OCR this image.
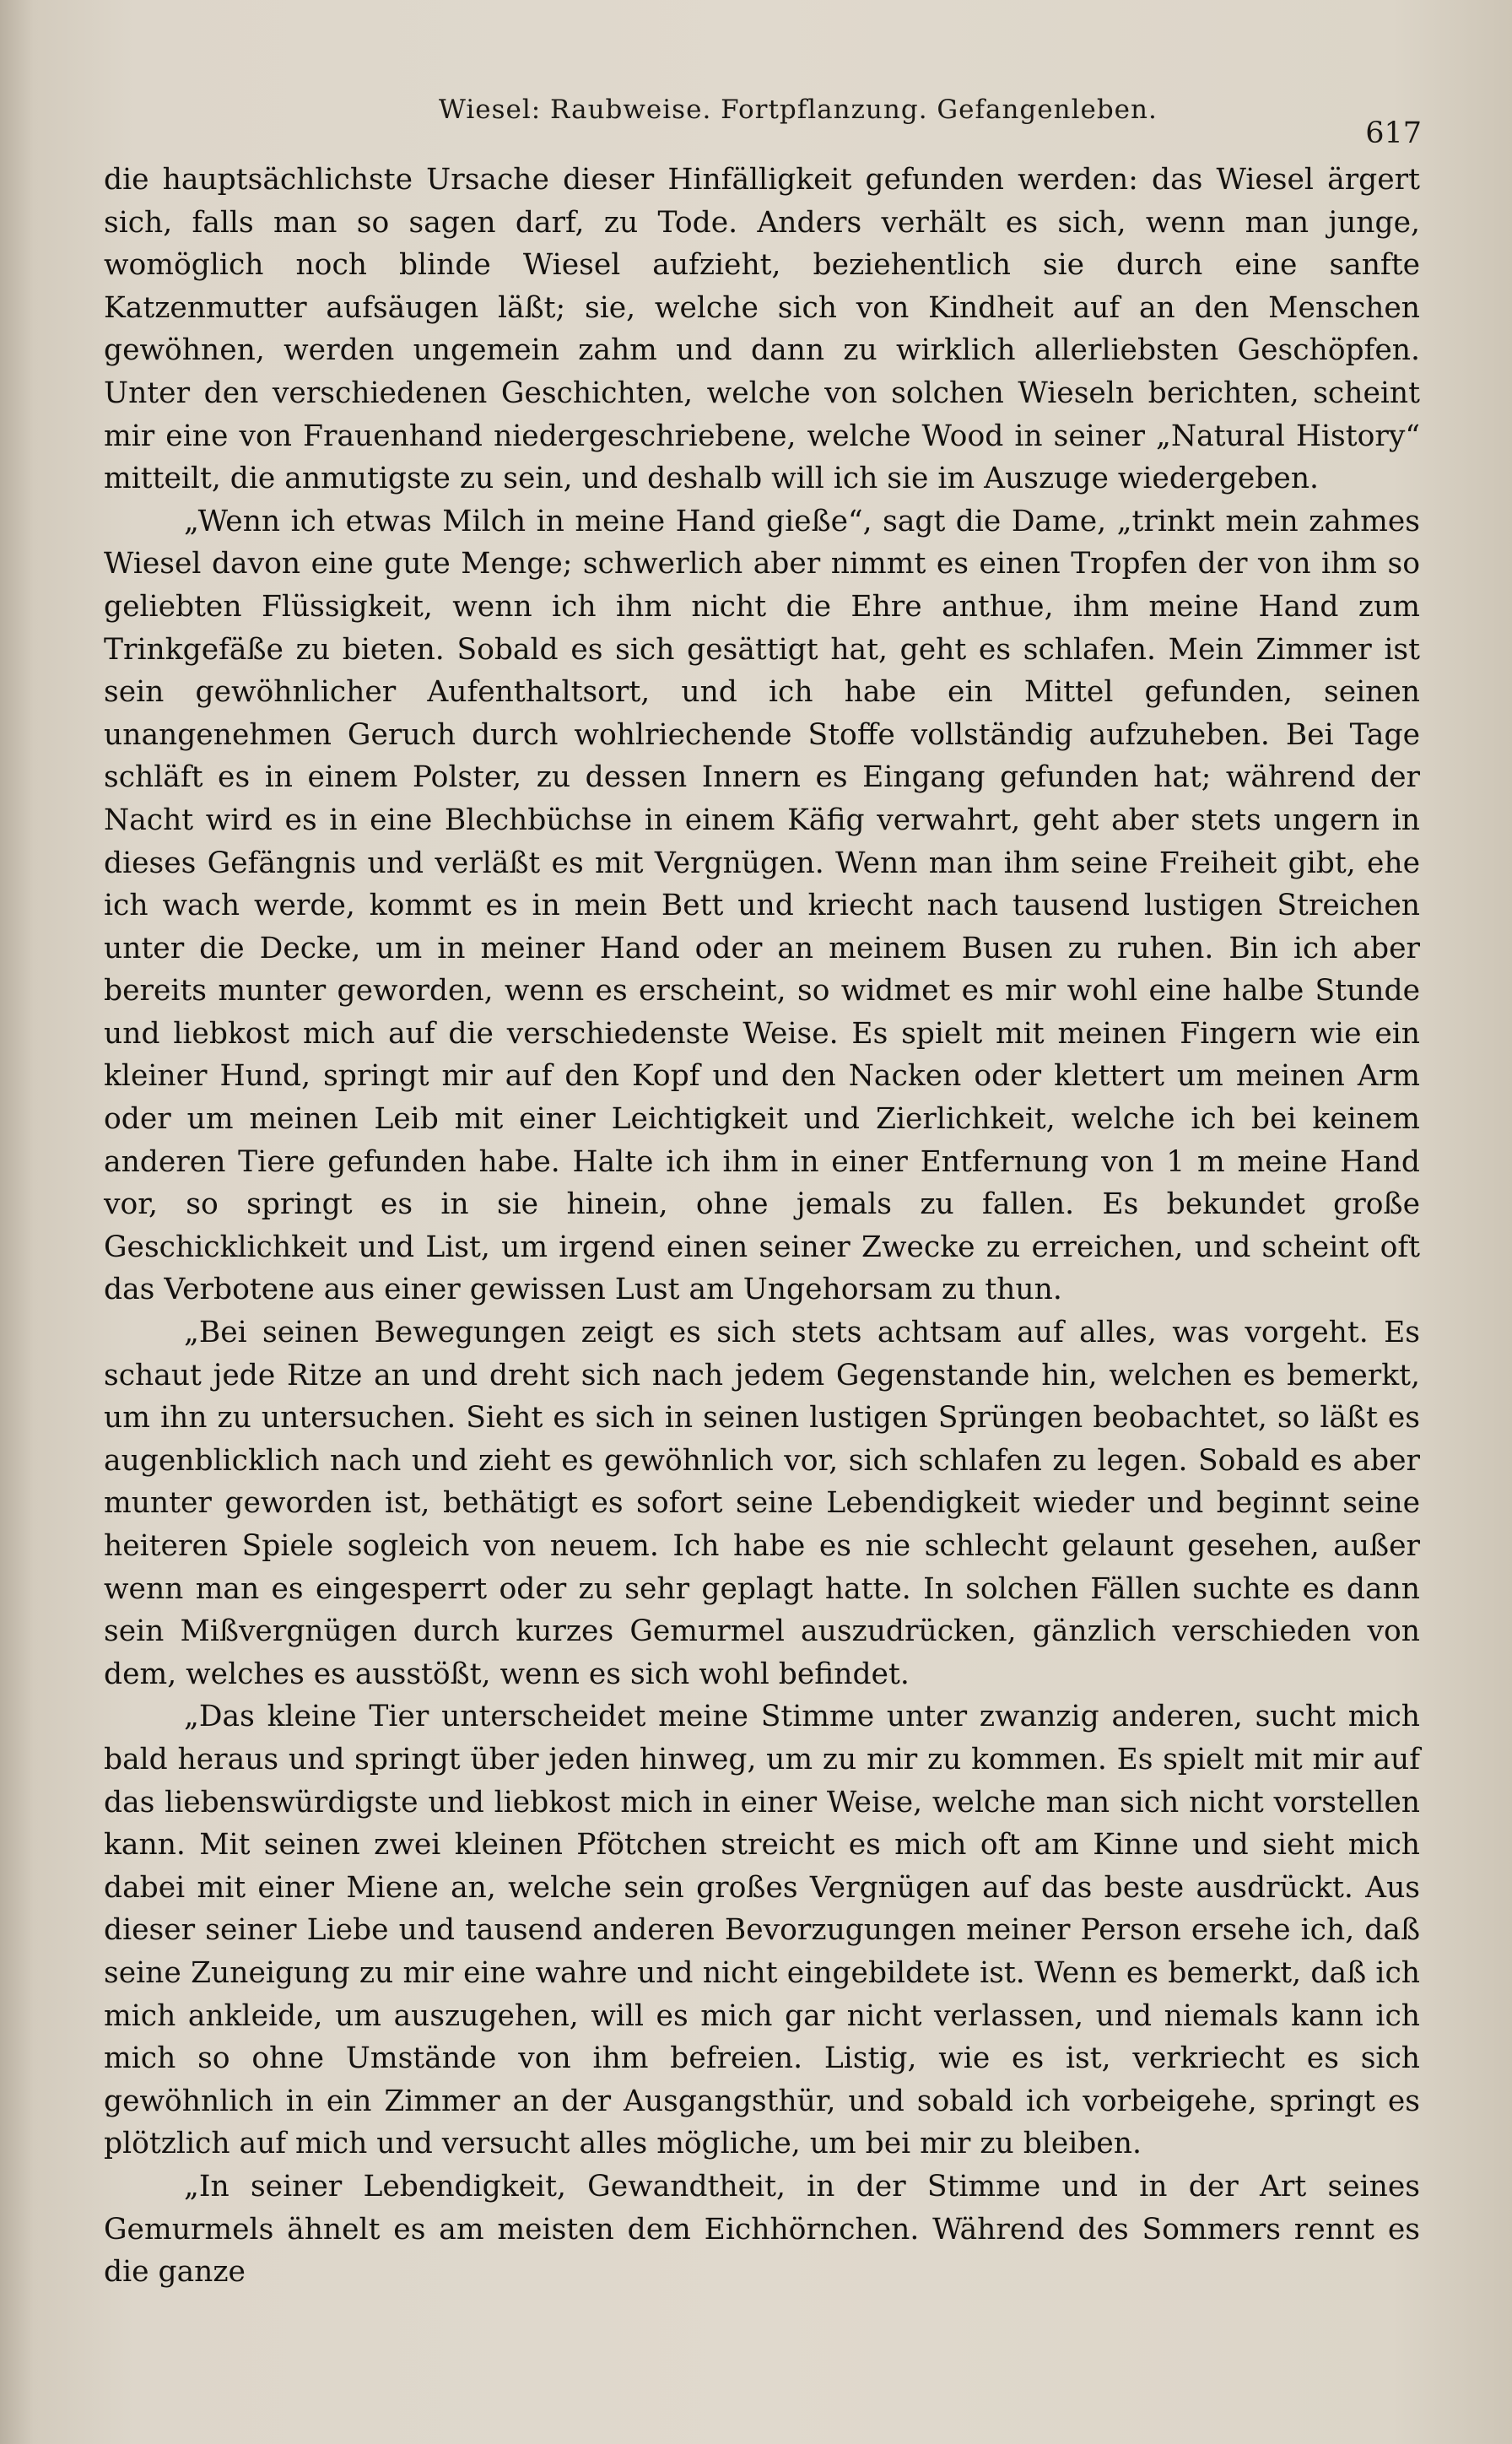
Wiesel: Raubweise. Fortpflanzung. Gefangenleben.
617

die hauptsächlichste Ursache dieser Hinfälligkeit gefunden werden: das Wiesel ärgert sich, falls man so sagen darf, zu Tode. Anders verhält es sich, wenn man junge, womöglich noch blinde Wiesel aufzieht, beziehentlich sie durch eine sanfte Katzenmutter aufsäugen läßt; sie, welche sich von Kindheit auf an den Menschen gewöhnen, werden ungemein zahm und dann zu wirklich allerliebsten Geschöpfen. Unter den verschiedenen Geschichten, welche von solchen Wieseln berichten, scheint mir eine von Frauenhand niedergeschriebene, welche Wood in seiner „Natural History“ mitteilt, die anmutigste zu sein, und deshalb will ich sie im Auszuge wiedergeben.

„Wenn ich etwas Milch in meine Hand gieße“, sagt die Dame, „trinkt mein zahmes Wiesel davon eine gute Menge; schwerlich aber nimmt es einen Tropfen der von ihm so geliebten Flüssigkeit, wenn ich ihm nicht die Ehre anthue, ihm meine Hand zum Trinkgefäße zu bieten. Sobald es sich gesättigt hat, geht es schlafen. Mein Zimmer ist sein gewöhnlicher Aufenthaltsort, und ich habe ein Mittel gefunden, seinen unangenehmen Geruch durch wohlriechende Stoffe vollständig aufzuheben. Bei Tage schläft es in einem Polster, zu dessen Innern es Eingang gefunden hat; während der Nacht wird es in eine Blechbüchse in einem Käfig verwahrt, geht aber stets ungern in dieses Gefängnis und verläßt es mit Vergnügen. Wenn man ihm seine Freiheit gibt, ehe ich wach werde, kommt es in mein Bett und kriecht nach tausend lustigen Streichen unter die Decke, um in meiner Hand oder an meinem Busen zu ruhen. Bin ich aber bereits munter geworden, wenn es erscheint, so widmet es mir wohl eine halbe Stunde und liebkost mich auf die verschiedenste Weise. Es spielt mit meinen Fingern wie ein kleiner Hund, springt mir auf den Kopf und den Nacken oder klettert um meinen Arm oder um meinen Leib mit einer Leichtigkeit und Zierlichkeit, welche ich bei keinem anderen Tiere gefunden habe. Halte ich ihm in einer Entfernung von 1 m meine Hand vor, so springt es in sie hinein, ohne jemals zu fallen. Es bekundet große Geschicklichkeit und List, um irgend einen seiner Zwecke zu erreichen, und scheint oft das Verbotene aus einer gewissen Lust am Ungehorsam zu thun.

„Bei seinen Bewegungen zeigt es sich stets achtsam auf alles, was vorgeht. Es schaut jede Ritze an und dreht sich nach jedem Gegenstande hin, welchen es bemerkt, um ihn zu untersuchen. Sieht es sich in seinen lustigen Sprüngen beobachtet, so läßt es augenblicklich nach und zieht es gewöhnlich vor, sich schlafen zu legen. Sobald es aber munter geworden ist, bethätigt es sofort seine Lebendigkeit wieder und beginnt seine heiteren Spiele sogleich von neuem. Ich habe es nie schlecht gelaunt gesehen, außer wenn man es eingesperrt oder zu sehr geplagt hatte. In solchen Fällen suchte es dann sein Mißvergnügen durch kurzes Gemurmel auszudrücken, gänzlich verschieden von dem, welches es ausstößt, wenn es sich wohl befindet.

„Das kleine Tier unterscheidet meine Stimme unter zwanzig anderen, sucht mich bald heraus und springt über jeden hinweg, um zu mir zu kommen. Es spielt mit mir auf das liebenswürdigste und liebkost mich in einer Weise, welche man sich nicht vorstellen kann. Mit seinen zwei kleinen Pfötchen streicht es mich oft am Kinne und sieht mich dabei mit einer Miene an, welche sein großes Vergnügen auf das beste ausdrückt. Aus dieser seiner Liebe und tausend anderen Bevorzugungen meiner Person ersehe ich, daß seine Zuneigung zu mir eine wahre und nicht eingebildete ist. Wenn es bemerkt, daß ich mich ankleide, um auszugehen, will es mich gar nicht verlassen, und niemals kann ich mich so ohne Umstände von ihm befreien. Listig, wie es ist, verkriecht es sich gewöhnlich in ein Zimmer an der Ausgangsthür, und sobald ich vorbeigehe, springt es plötzlich auf mich und versucht alles mögliche, um bei mir zu bleiben.

„In seiner Lebendigkeit, Gewandtheit, in der Stimme und in der Art seines Gemurmels ähnelt es am meisten dem Eichhörnchen. Während des Sommers rennt es die ganze
